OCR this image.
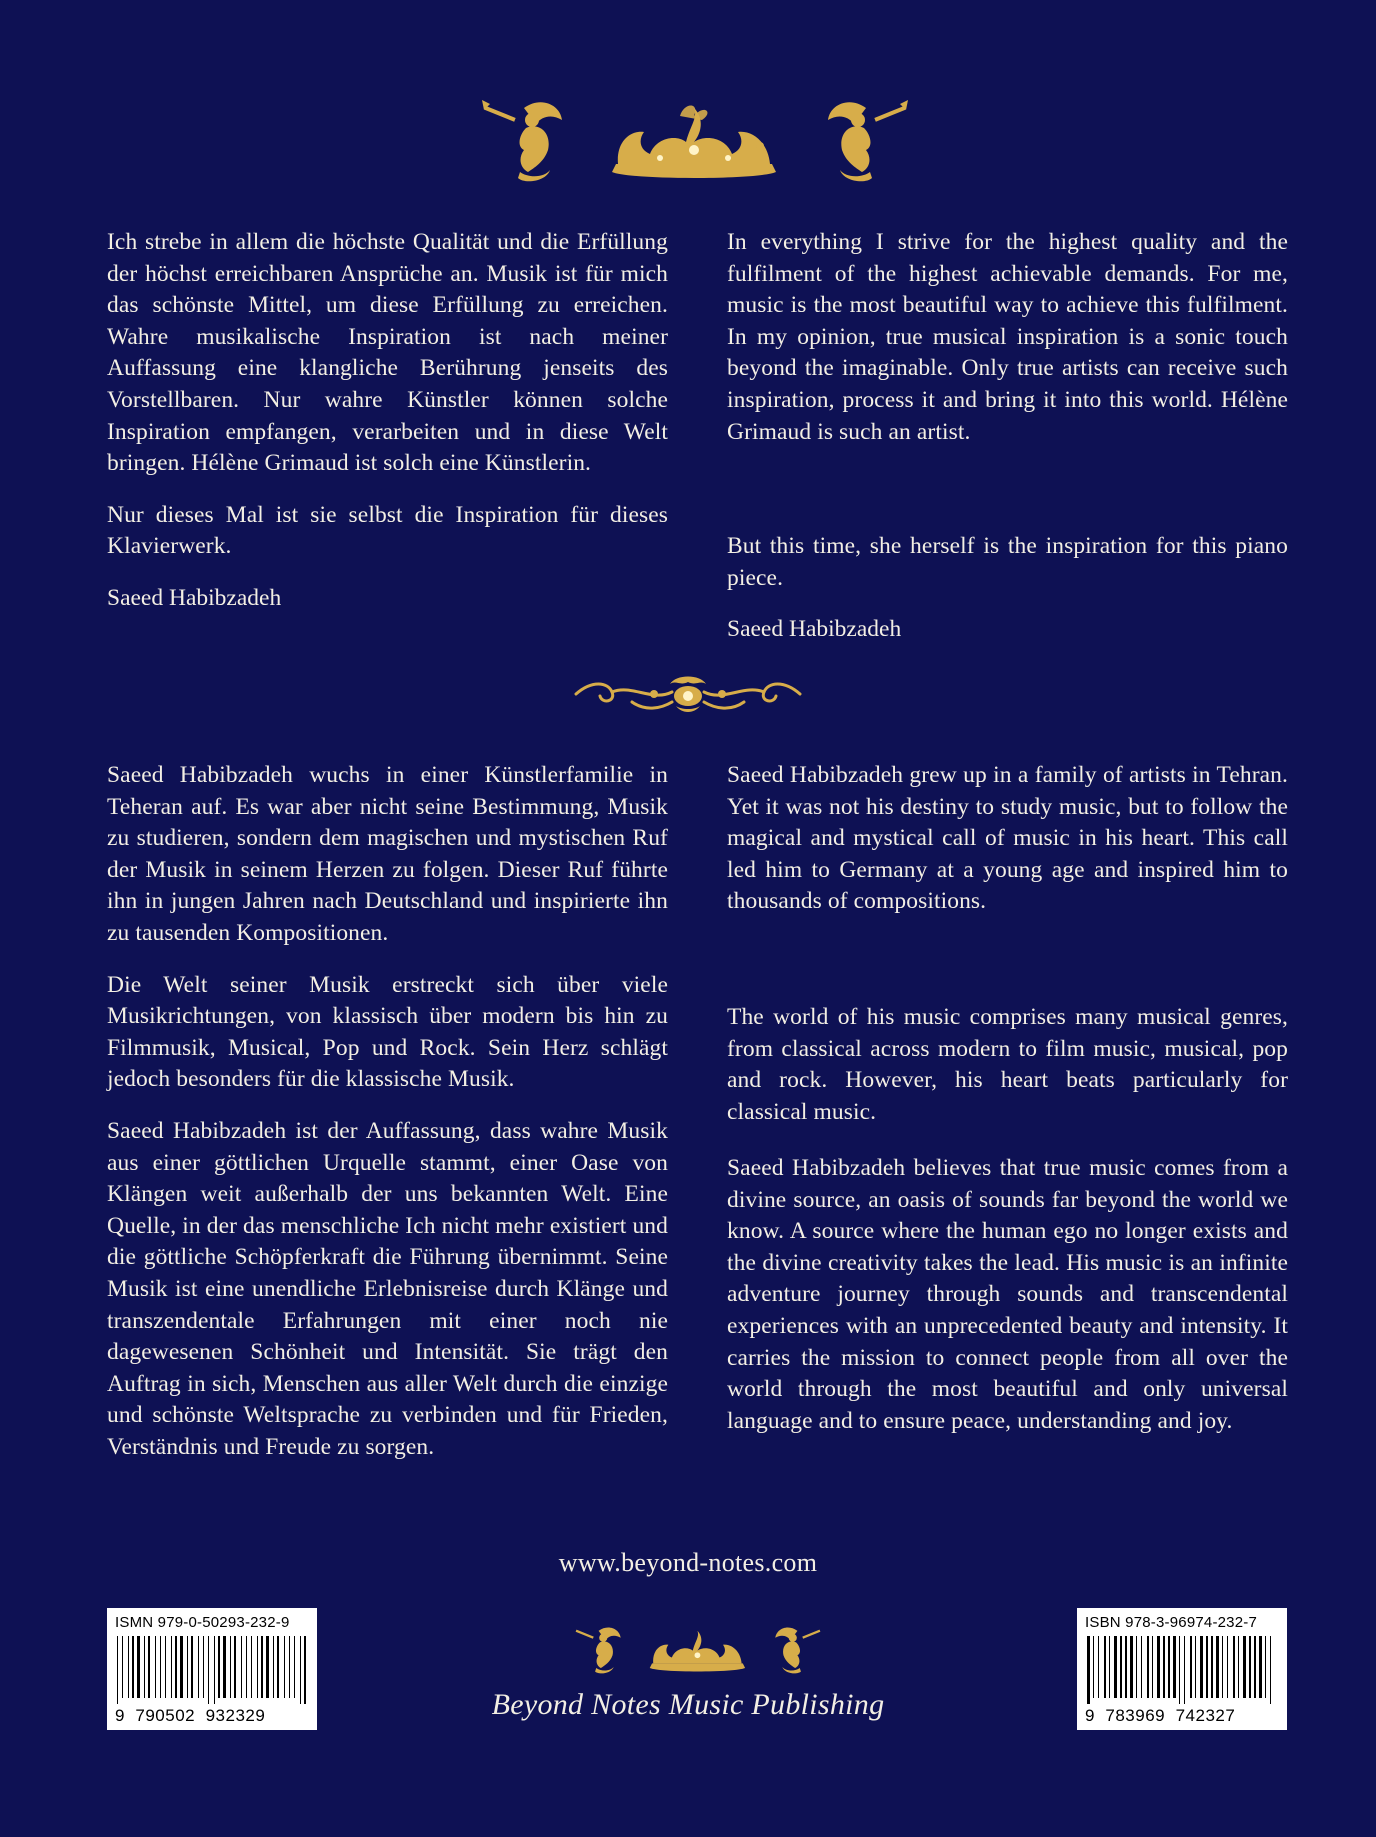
Ich strebe in allem die höchste Qualität und die Erfüllung der höchst erreichbaren Ansprüche an. Musik ist für mich das schönste Mittel, um diese Erfüllung zu erreichen. Wahre musikalische Inspiration ist nach meiner Auffassung eine klangliche Berührung jenseits des Vorstellbaren. Nur wahre Künstler können solche Inspiration empfangen, verarbeiten und in diese Welt bringen. Hélène Grimaud ist solch eine Künstlerin.

Nur dieses Mal ist sie selbst die Inspiration für dieses Klavierwerk.

Saeed Habibzadeh

In everything I strive for the highest quality and the fulfilment of the highest achievable demands. For me, music is the most beautiful way to achieve this fulfilment. In my opinion, true musical inspiration is a sonic touch beyond the imaginable. Only true artists can receive such inspiration, process it and bring it into this world. Hélène Grimaud is such an artist.

But this time, she herself is the inspiration for this piano piece.

Saeed Habibzadeh

Saeed Habibzadeh wuchs in einer Künstlerfamilie in Teheran auf. Es war aber nicht seine Bestimmung, Musik zu studieren, sondern dem magischen und mystischen Ruf der Musik in seinem Herzen zu folgen. Dieser Ruf führte ihn in jungen Jahren nach Deutschland und inspirierte ihn zu tausenden Kompositionen.

Die Welt seiner Musik erstreckt sich über viele Musikrichtungen, von klassisch über modern bis hin zu Filmmusik, Musical, Pop und Rock. Sein Herz schlägt jedoch besonders für die klassische Musik.

Saeed Habibzadeh ist der Auffassung, dass wahre Musik aus einer göttlichen Urquelle stammt, einer Oase von Klängen weit außerhalb der uns bekannten Welt. Eine Quelle, in der das menschliche Ich nicht mehr existiert und die göttliche Schöpferkraft die Führung übernimmt. Seine Musik ist eine unendliche Erlebnisreise durch Klänge und transzendentale Erfahrungen mit einer noch nie dagewesenen Schönheit und Intensität. Sie trägt den Auftrag in sich, Menschen aus aller Welt durch die einzige und schönste Weltsprache zu verbinden und für Frieden, Verständnis und Freude zu sorgen.

Saeed Habibzadeh grew up in a family of artists in Tehran. Yet it was not his destiny to study music, but to follow the magical and mystical call of music in his heart. This call led him to Germany at a young age and inspired him to thousands of compositions.

The world of his music comprises many musical genres, from classical across modern to film music, musical, pop and rock. However, his heart beats particularly for classical music.

Saeed Habibzadeh believes that true music comes from a divine source, an oasis of sounds far beyond the world we know. A source where the human ego no longer exists and the divine creativity takes the lead. His music is an infinite adventure journey through sounds and transcendental experiences with an unprecedented beauty and intensity. It carries the mission to connect people from all over the world through the most beautiful and only universal language and to ensure peace, understanding and joy.

www.beyond-notes.com
ISMN 979-0-50293-232-9
9  790502  932329	Beyond Notes Music Publishing
ISBN 978-3-96974-232-7
9  783969  742327
